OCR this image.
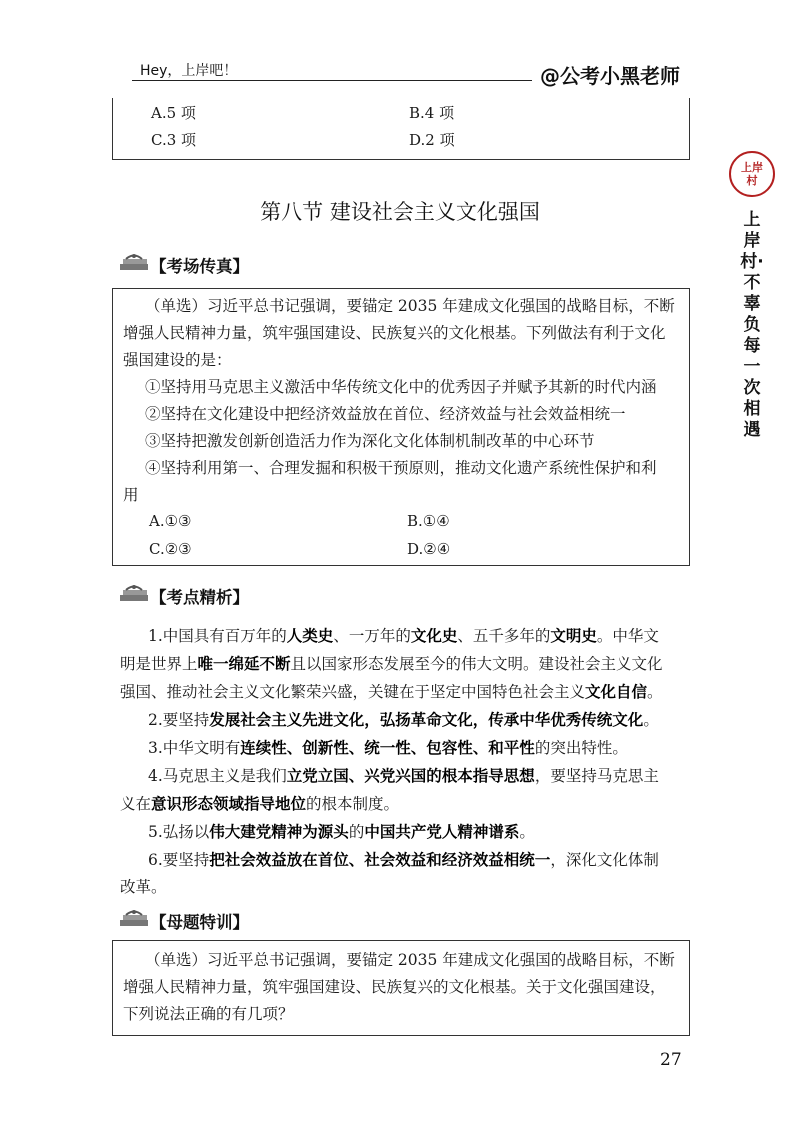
Hey，上岸吧！	@公考小黑老师
上岸村
上岸村·不辜负每一次相遇
A.5 项	B.4 项
C.3 项	D.2 项
第八节 建设社会主义文化强国
【考场传真】
（单选）习近平总书记强调，要锚定 2035 年建成文化强国的战略目标，不断
增强人民精神力量，筑牢强国建设、民族复兴的文化根基。下列做法有利于文化
强国建设的是：
①坚持用马克思主义激活中华传统文化中的优秀因子并赋予其新的时代内涵
②坚持在文化建设中把经济效益放在首位、经济效益与社会效益相统一
③坚持把激发创新创造活力作为深化文化体制机制改革的中心环节
④坚持利用第一、合理发掘和积极干预原则，推动文化遗产系统性保护和利
用
A.①③	B.①④
C.②③	D.②④
【考点精析】
1.中国具有百万年的人类史、一万年的文化史、五千多年的文明史。中华文
明是世界上唯一绵延不断且以国家形态发展至今的伟大文明。建设社会主义文化
强国、推动社会主义文化繁荣兴盛，关键在于坚定中国特色社会主义文化自信。
2.要坚持发展社会主义先进文化，弘扬革命文化，传承中华优秀传统文化。
3.中华文明有连续性、创新性、统一性、包容性、和平性的突出特性。
4.马克思主义是我们立党立国、兴党兴国的根本指导思想，要坚持马克思主
义在意识形态领域指导地位的根本制度。
5.弘扬以伟大建党精神为源头的中国共产党人精神谱系。
6.要坚持把社会效益放在首位、社会效益和经济效益相统一，深化文化体制
改革。
【母题特训】
（单选）习近平总书记强调，要锚定 2035 年建成文化强国的战略目标，不断
增强人民精神力量，筑牢强国建设、民族复兴的文化根基。关于文化强国建设，
下列说法正确的有几项？
27
